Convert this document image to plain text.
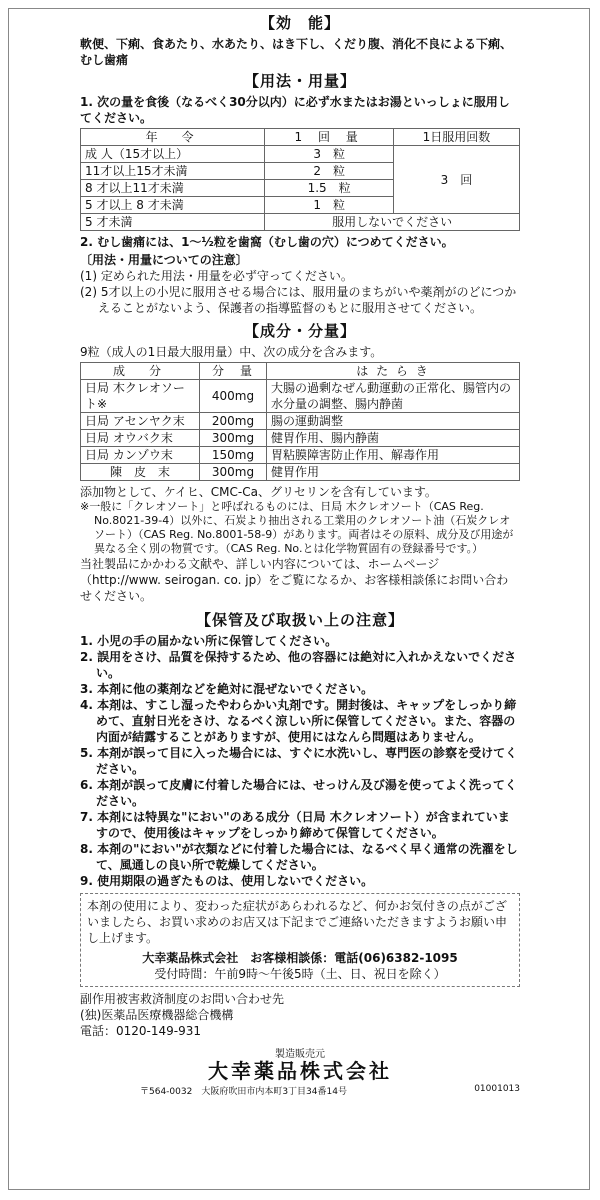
【効　能】

軟便、下痢、食あたり、水あたり、はき下し、くだり腹、消化不良による下痢、むし歯痛

【用法・用量】

1. 次の量を食後（なるべく30分以内）に必ず水またはお湯といっしょに服用してください。

年　令	1 回 量	1日服用回数
成 人（15才以上）	3　粒	3　回
11才以上15才未満	2　粒	
8 才以上11才未満	1.5　粒	
5 才以上 8 才未満	1　粒	
5 才未満	服用しないでください	

2. むし歯痛には、1〜½粒を歯窩（むし歯の穴）につめてください。

〔用法・用量についての注意〕

(1) 定められた用法・用量を必ず守ってください。

(2) 5才以上の小児に服用させる場合には、服用量のまちがいや薬剤がのどにつかえることがないよう、保護者の指導監督のもとに服用させてください。

【成分・分量】

9粒（成人の1日最大服用量）中、次の成分を含みます。

成　分	分　量	は た ら き
日局 木クレオソート※	400mg	大腸の過剰なぜん動運動の正常化、腸管内の水分量の調整、腸内静菌
日局 アセンヤク末	200mg	腸の運動調整
日局 オウバク末	300mg	健胃作用、腸内静菌
日局 カンゾウ末	150mg	胃粘膜障害防止作用、解毒作用
陳　皮　末	300mg	健胃作用

添加物として、ケイヒ、CMC-Ca、グリセリンを含有しています。

※一般に「クレオソート」と呼ばれるものには、日局 木クレオソート（CAS Reg. No.8021-39-4）以外に、石炭より抽出される工業用のクレオソート油（石炭クレオソート）（CAS Reg. No.8001-58-9）があります。両者はその原料、成分及び用途が異なる全く別の物質です。（CAS Reg. No.とは化学物質固有の登録番号です。）

当社製品にかかわる文献や、詳しい内容については、ホームページ（http://www. seirogan. co. jp）をご覧になるか、お客様相談係にお問い合わせください。

【保管及び取扱い上の注意】

1. 小児の手の届かない所に保管してください。

2. 誤用をさけ、品質を保持するため、他の容器には絶対に入れかえないでください。

3. 本剤に他の薬剤などを絶対に混ぜないでください。

4. 本剤は、すこし湿ったやわらかい丸剤です。開封後は、キャップをしっかり締めて、直射日光をさけ、なるべく涼しい所に保管してください。また、容器の内面が結露することがありますが、使用にはなんら問題はありません。

5. 本剤が誤って目に入った場合には、すぐに水洗いし、専門医の診察を受けてください。

6. 本剤が誤って皮膚に付着した場合には、せっけん及び湯を使ってよく洗ってください。

7. 本剤には特異な"におい"のある成分（日局 木クレオソート）が含まれていますので、使用後はキャップをしっかり締めて保管してください。

8. 本剤の"におい"が衣類などに付着した場合には、なるべく早く通常の洗濯をして、風通しの良い所で乾燥してください。

9. 使用期限の過ぎたものは、使用しないでください。

本剤の使用により、変わった症状があらわれるなど、何かお気付きの点がございましたら、お買い求めのお店又は下記までご連絡いただきますようお願い申し上げます。
大幸薬品株式会社　お客様相談係：電話(06)6382-1095
受付時間：午前9時〜午後5時（土、日、祝日を除く）
副作用被害救済制度のお問い合わせ先
(独)医薬品医療機器総合機構
電話：0120-149-931
製造販売元
大幸薬品株式会社
〒564-0032　大阪府吹田市内本町3丁目34番14号	01001013
